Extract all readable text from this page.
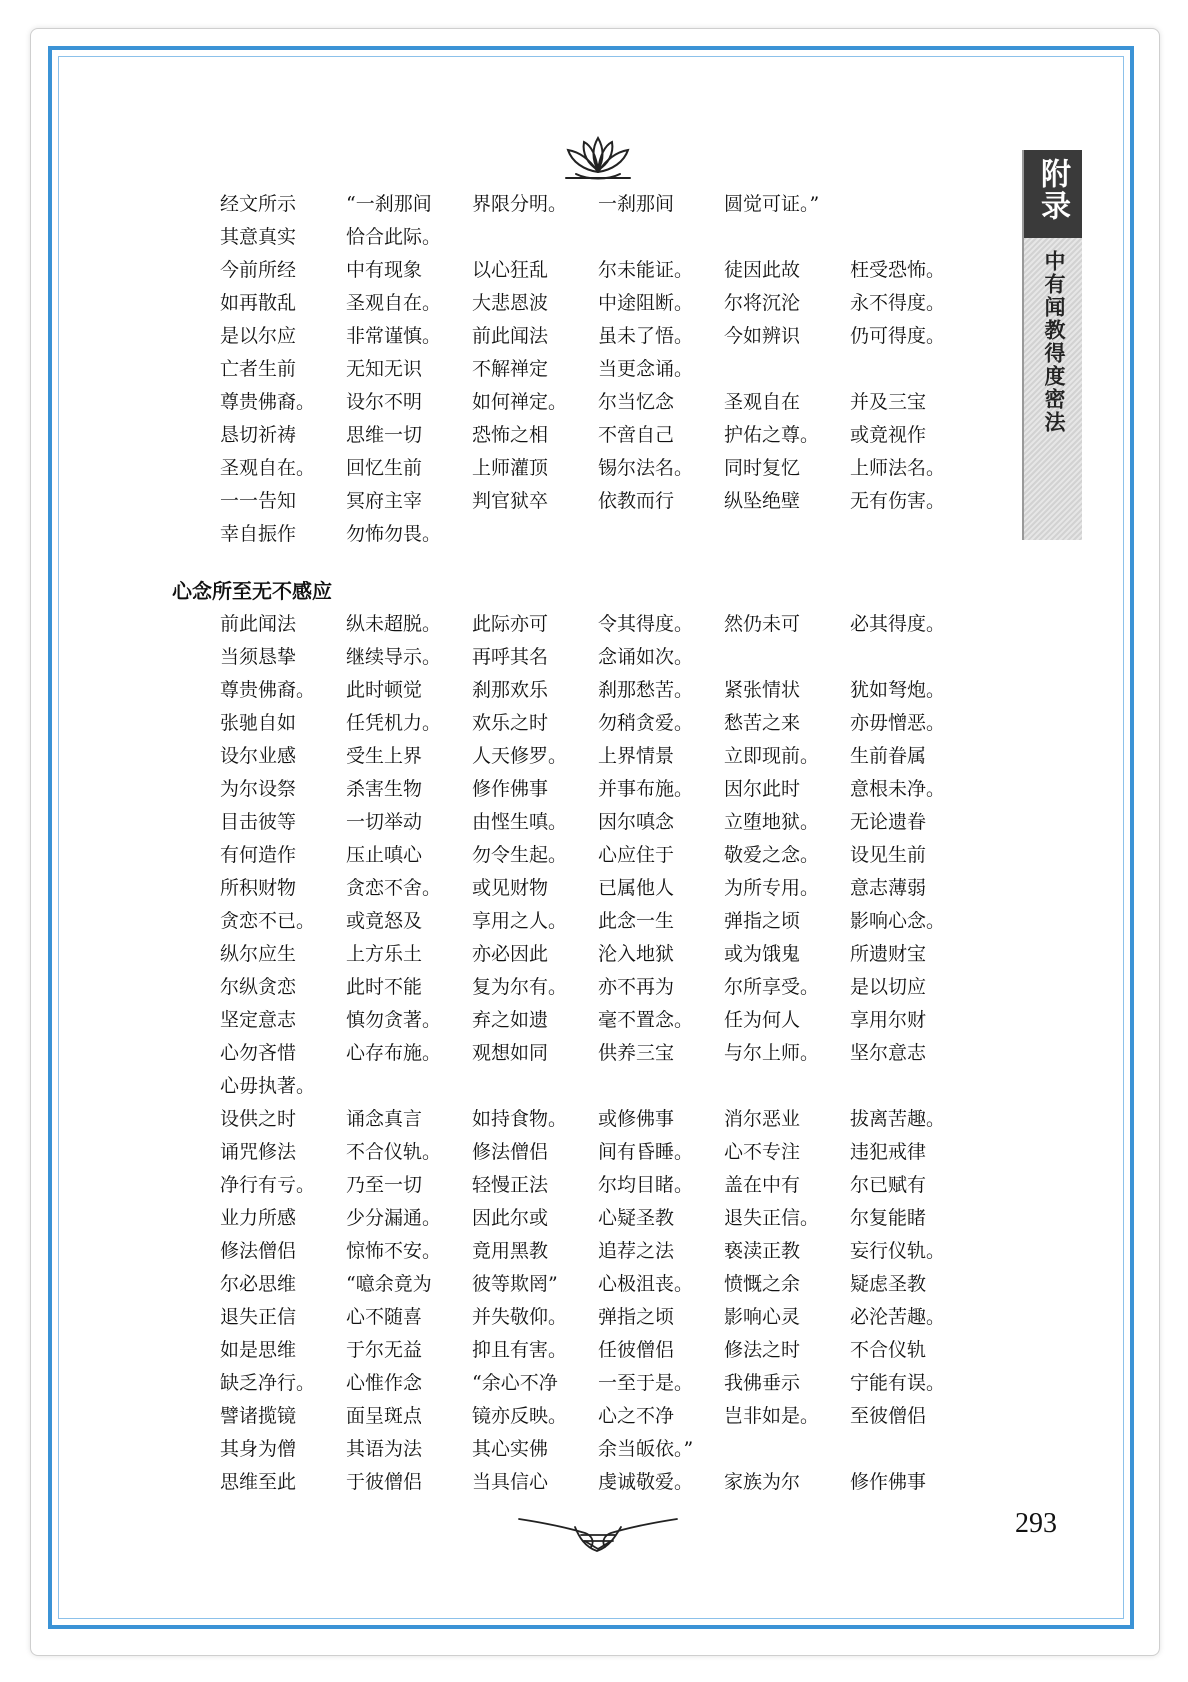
附录
中有闻教得度密法
经文所示	“一刹那间	界限分明。	一刹那间	圆觉可证。”
其意真实	恰合此际。
今前所经	中有现象	以心狂乱	尔未能证。	徒因此故	枉受恐怖。
如再散乱	圣观自在。	大悲恩波	中途阻断。	尔将沉沦	永不得度。
是以尔应	非常谨慎。	前此闻法	虽未了悟。	今如辨识	仍可得度。
亡者生前	无知无识	不解禅定	当更念诵。
尊贵佛裔。	设尔不明	如何禅定。	尔当忆念	圣观自在	并及三宝
恳切祈祷	思维一切	恐怖之相	不啻自己	护佑之尊。	或竟视作
圣观自在。	回忆生前	上师灌顶	锡尔法名。	同时复忆	上师法名。
一一告知	冥府主宰	判官狱卒	依教而行	纵坠绝壁	无有伤害。
幸自振作	勿怖勿畏。
心念所至无不感应
前此闻法	纵未超脱。	此际亦可	令其得度。	然仍未可	必其得度。
当须恳挚	继续导示。	再呼其名	念诵如次。
尊贵佛裔。	此时顿觉	刹那欢乐	刹那愁苦。	紧张情状	犹如弩炮。
张驰自如	任凭机力。	欢乐之时	勿稍贪爱。	愁苦之来	亦毋憎恶。
设尔业感	受生上界	人天修罗。	上界情景	立即现前。	生前眷属
为尔设祭	杀害生物	修作佛事	并事布施。	因尔此时	意根未净。
目击彼等	一切举动	由悭生嗔。	因尔嗔念	立堕地狱。	无论遗眷
有何造作	压止嗔心	勿令生起。	心应住于	敬爱之念。	设见生前
所积财物	贪恋不舍。	或见财物	已属他人	为所专用。	意志薄弱
贪恋不已。	或竟怒及	享用之人。	此念一生	弹指之顷	影响心念。
纵尔应生	上方乐土	亦必因此	沦入地狱	或为饿鬼	所遗财宝
尔纵贪恋	此时不能	复为尔有。	亦不再为	尔所享受。	是以切应
坚定意志	慎勿贪著。	弃之如遗	毫不置念。	任为何人	享用尔财
心勿吝惜	心存布施。	观想如同	供养三宝	与尔上师。	坚尔意志
心毋执著。
设供之时	诵念真言	如持食物。	或修佛事	消尔恶业	拔离苦趣。
诵咒修法	不合仪轨。	修法僧侣	间有昏睡。	心不专注	违犯戒律
净行有亏。	乃至一切	轻慢正法	尔均目睹。	盖在中有	尔已赋有
业力所感	少分漏通。	因此尔或	心疑圣教	退失正信。	尔复能睹
修法僧侣	惊怖不安。	竟用黑教	追荐之法	亵渎正教	妄行仪轨。
尔必思维	“噫余竟为	彼等欺罔”	心极沮丧。	愤慨之余	疑虑圣教
退失正信	心不随喜	并失敬仰。	弹指之顷	影响心灵	必沦苦趣。
如是思维	于尔无益	抑且有害。	任彼僧侣	修法之时	不合仪轨
缺乏净行。	心惟作念	“余心不净	一至于是。	我佛垂示	宁能有误。
譬诸揽镜	面呈斑点	镜亦反映。	心之不净	岂非如是。	至彼僧侣
其身为僧	其语为法	其心实佛	余当皈依。”
思维至此	于彼僧侣	当具信心	虔诚敬爱。	家族为尔	修作佛事
293
